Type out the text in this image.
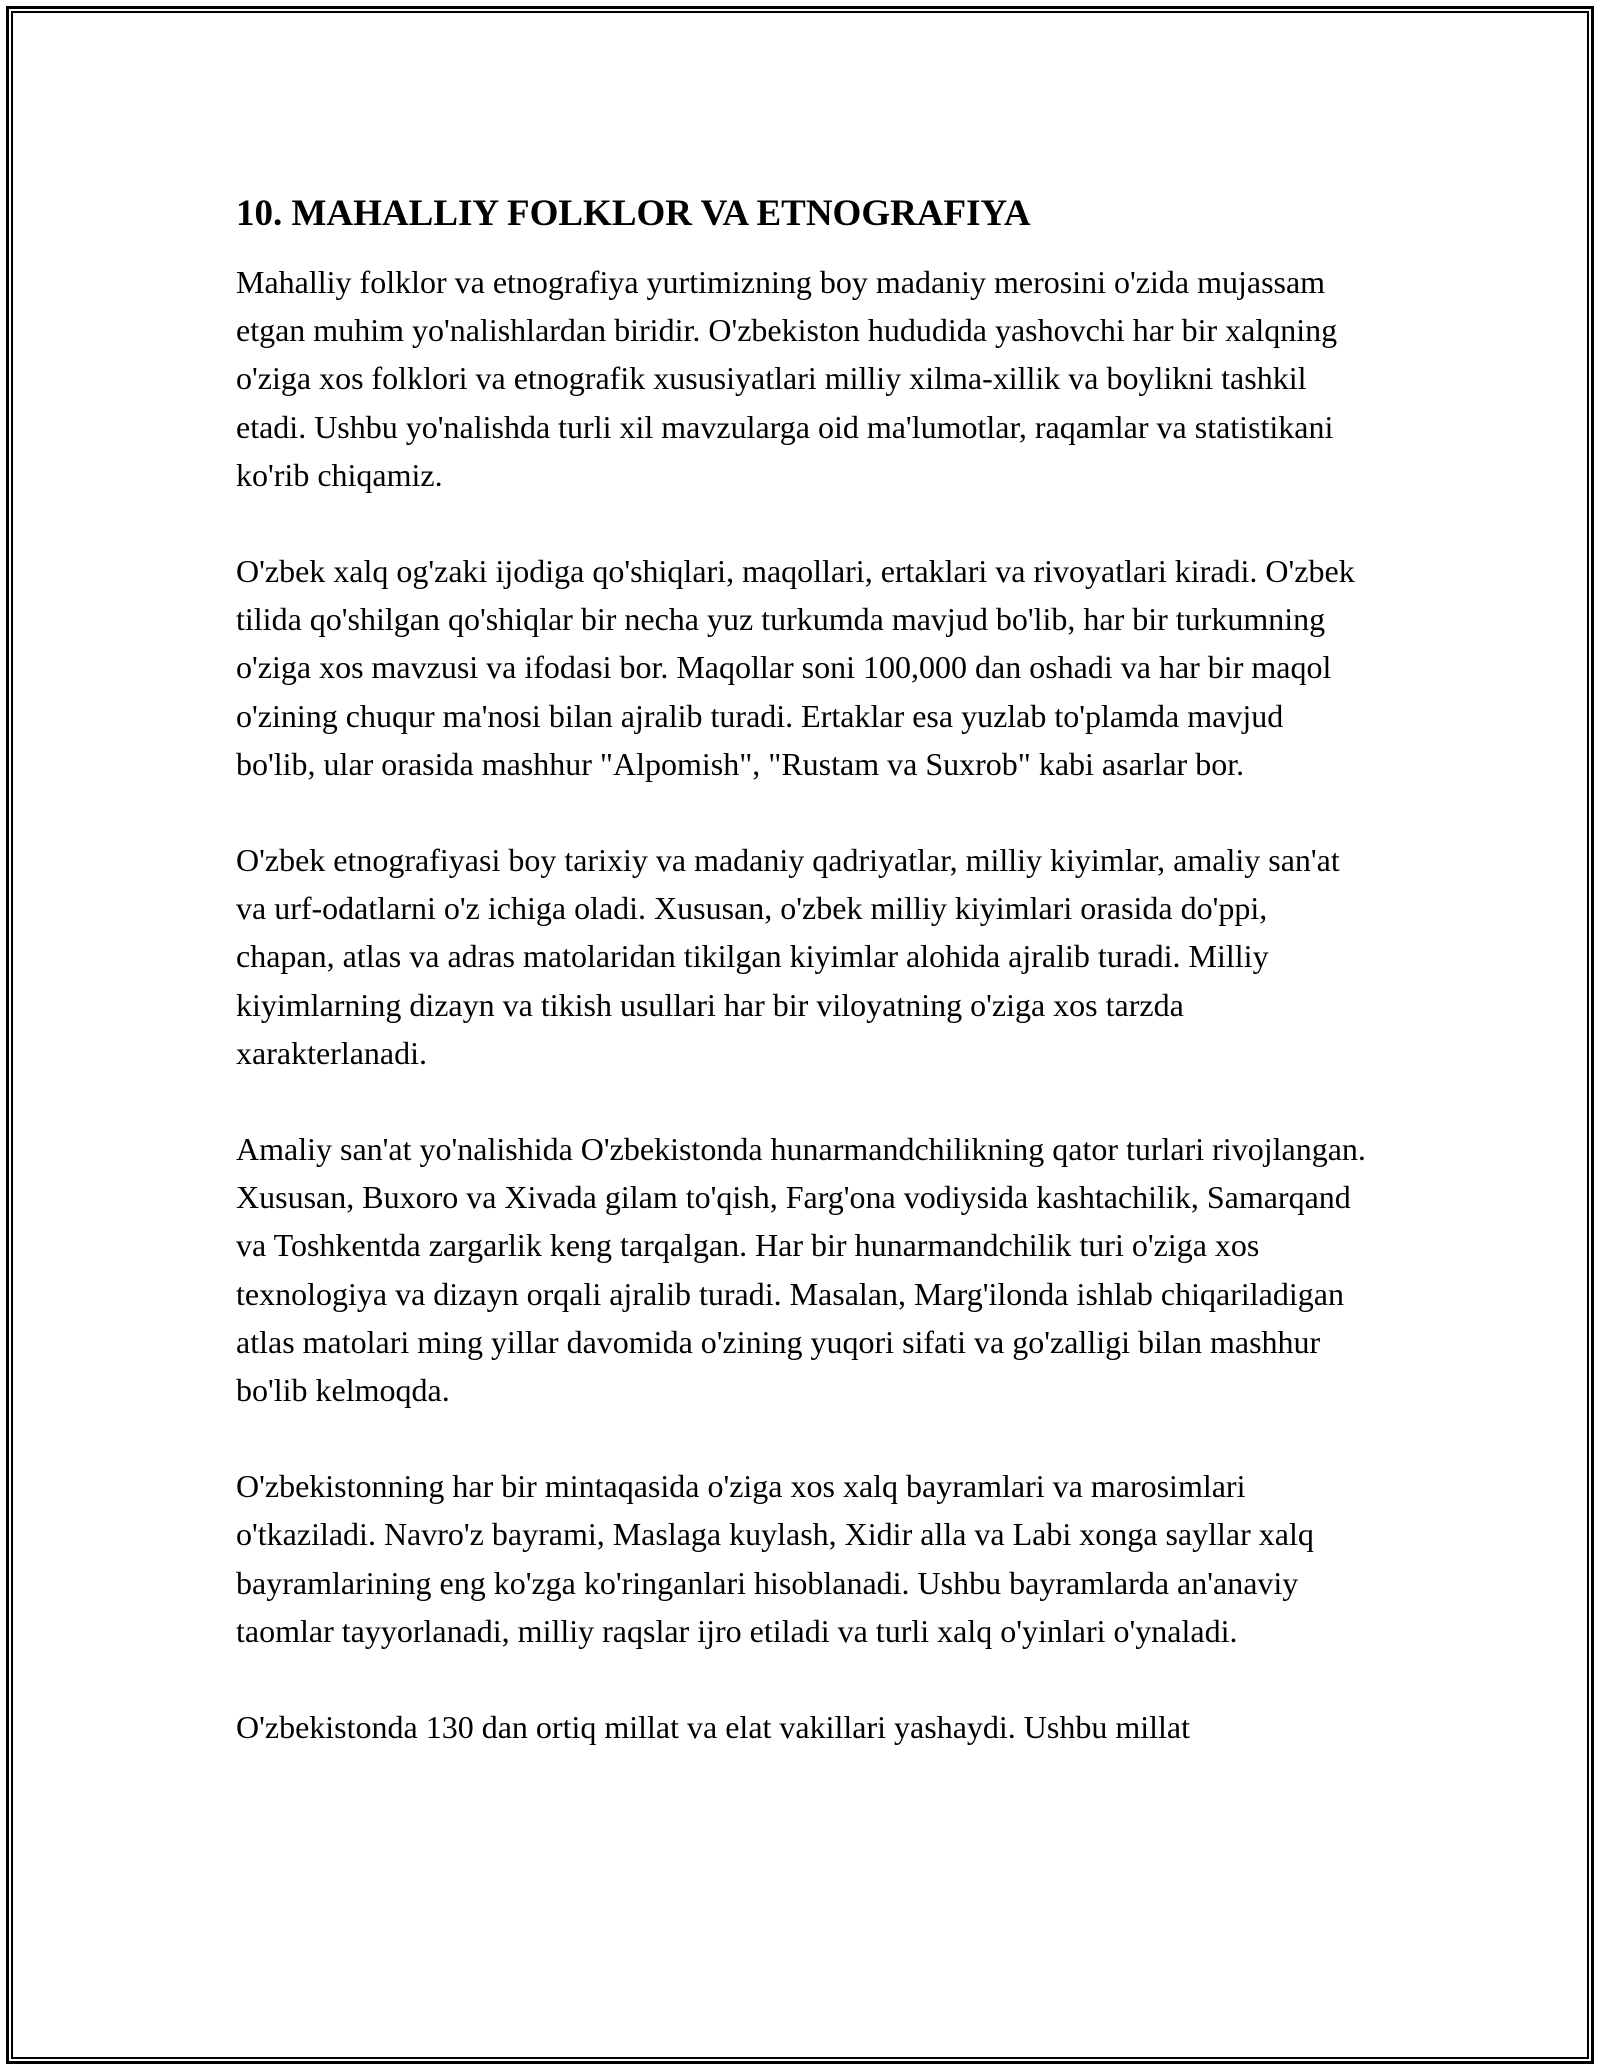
10. MAHALLIY FOLKLOR VA ETNOGRAFIYA

Mahalliy folklor va etnografiya yurtimizning boy madaniy merosini o'zida mujassam etgan muhim yo'nalishlardan biridir. O'zbekiston hududida yashovchi har bir xalqning o'ziga xos folklori va etnografik xususiyatlari milliy xilma-xillik va boylikni tashkil etadi. Ushbu yo'nalishda turli xil mavzularga oid ma'lumotlar, raqamlar va statistikani ko'rib chiqamiz.

O'zbek xalq og'zaki ijodiga qo'shiqlari, maqollari, ertaklari va rivoyatlari kiradi. O'zbek tilida qo'shilgan qo'shiqlar bir necha yuz turkumda mavjud bo'lib, har bir turkumning o'ziga xos mavzusi va ifodasi bor. Maqollar soni 100,000 dan oshadi va har bir maqol o'zining chuqur ma'nosi bilan ajralib turadi. Ertaklar esa yuzlab to'plamda mavjud bo'lib, ular orasida mashhur "Alpomish", "Rustam va Suxrob" kabi asarlar bor.

O'zbek etnografiyasi boy tarixiy va madaniy qadriyatlar, milliy kiyimlar, amaliy san'at va urf-odatlarni o'z ichiga oladi. Xususan, o'zbek milliy kiyimlari orasida do'ppi, chapan, atlas va adras matolaridan tikilgan kiyimlar alohida ajralib turadi. Milliy kiyimlarning dizayn va tikish usullari har bir viloyatning o'ziga xos tarzda xarakterlanadi.

Amaliy san'at yo'nalishida O'zbekistonda hunarmandchilikning qator turlari rivojlangan. Xususan, Buxoro va Xivada gilam to'qish, Farg'ona vodiysida kashtachilik, Samarqand va Toshkentda zargarlik keng tarqalgan. Har bir hunarmandchilik turi o'ziga xos texnologiya va dizayn orqali ajralib turadi. Masalan, Marg'ilonda ishlab chiqariladigan atlas matolari ming yillar davomida o'zining yuqori sifati va go'zalligi bilan mashhur bo'lib kelmoqda.

O'zbekistonning har bir mintaqasida o'ziga xos xalq bayramlari va marosimlari o'tkaziladi. Navro'z bayrami, Maslaga kuylash, Xidir alla va Labi xonga sayllar xalq bayramlarining eng ko'zga ko'ringanlari hisoblanadi. Ushbu bayramlarda an'anaviy taomlar tayyorlanadi, milliy raqslar ijro etiladi va turli xalq o'yinlari o'ynaladi.

O'zbekistonda 130 dan ortiq millat va elat vakillari yashaydi. Ushbu millat
